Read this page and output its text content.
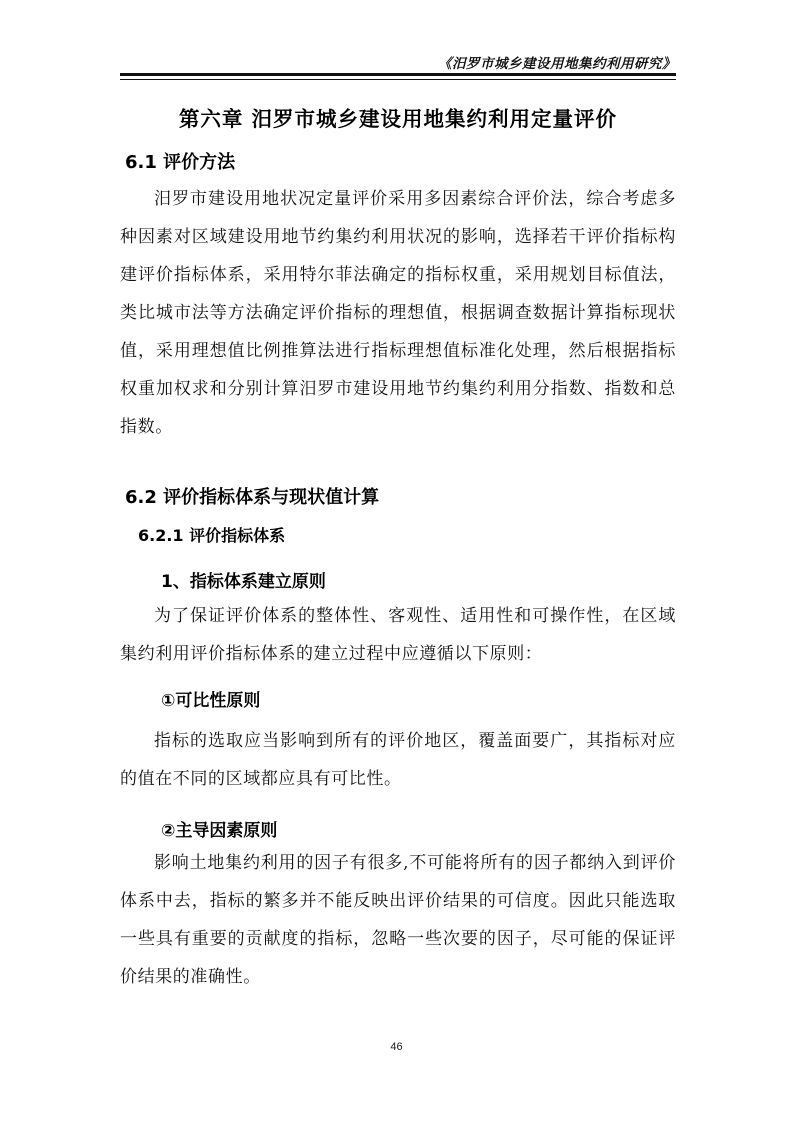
《汨罗市城乡建设用地集约利用研究》
第六章 汨罗市城乡建设用地集约利用定量评价
6.1 评价方法
汨罗市建设用地状况定量评价采用多因素综合评价法，综合考虑多种因素对区域建设用地节约集约利用状况的影响，选择若干评价指标构建评价指标体系，采用特尔菲法确定的指标权重，采用规划目标值法，类比城市法等方法确定评价指标的理想值，根据调查数据计算指标现状值，采用理想值比例推算法进行指标理想值标准化处理，然后根据指标权重加权求和分别计算汨罗市建设用地节约集约利用分指数、指数和总指数。
6.2 评价指标体系与现状值计算
6.2.1 评价指标体系
1、指标体系建立原则
为了保证评价体系的整体性、客观性、适用性和可操作性，在区域集约利用评价指标体系的建立过程中应遵循以下原则：
①可比性原则
指标的选取应当影响到所有的评价地区，覆盖面要广，其指标对应的值在不同的区域都应具有可比性。
②主导因素原则
影响土地集约利用的因子有很多,不可能将所有的因子都纳入到评价体系中去，指标的繁多并不能反映出评价结果的可信度。因此只能选取一些具有重要的贡献度的指标，忽略一些次要的因子，尽可能的保证评价结果的准确性。
46
